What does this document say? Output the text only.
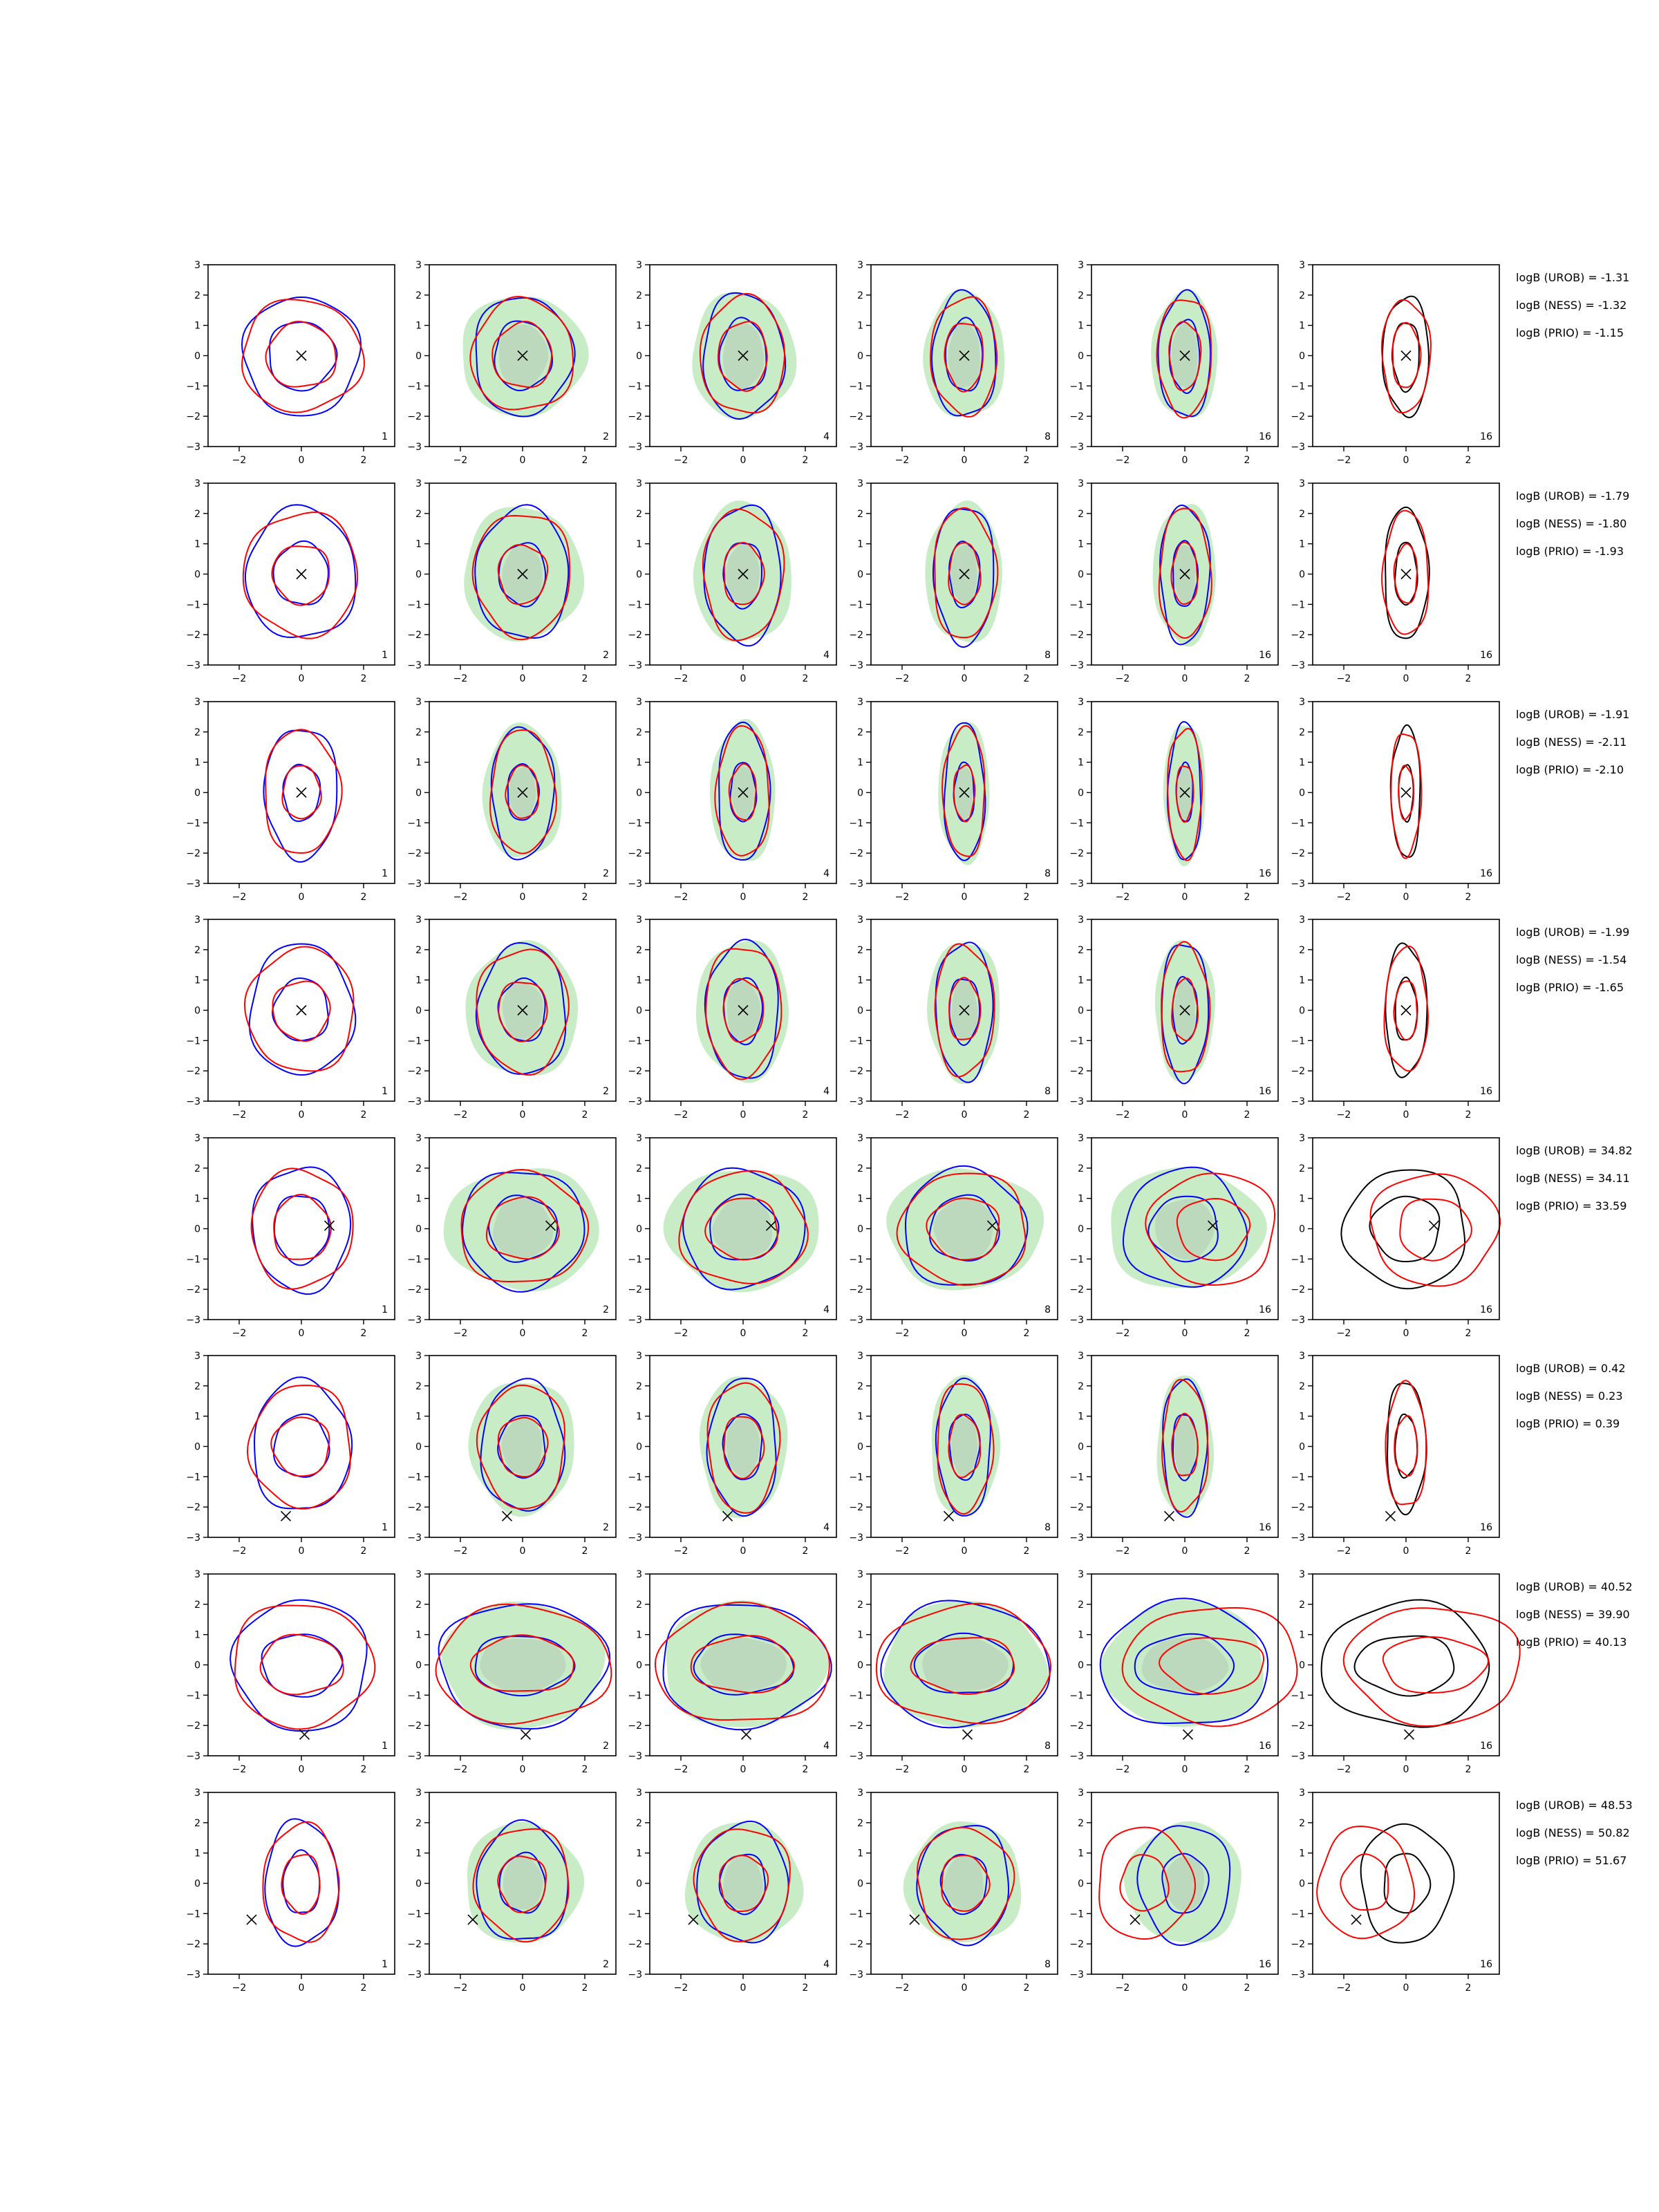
3
2
1
0
−1
−2
−3
−2	0	2
1
3
2
1
0
−1
−2
−3
−2	0	2
2
3
2
1
0
−1
−2
−3
−2	0	2
4
3
2
1
0
−1
−2
−3
−2	0	2
8
3
2
1
0
−1
−2
−3
−2	0	2
16
3
2
1
0
−1
−2
−3
−2	0	2
16
logB (UROB) = -1.31
logB (NESS) = -1.32
logB (PRIO) = -1.15
3
2
1
0
−1
−2
−3
−2	0	2
1
3
2
1
0
−1
−2
−3
−2	0	2
2
3
2
1
0
−1
−2
−3
−2	0	2
4
3
2
1
0
−1
−2
−3
−2	0	2
8
3
2
1
0
−1
−2
−3
−2	0	2
16
3
2
1
0
−1
−2
−3
−2	0	2
16
logB (UROB) = -1.79
logB (NESS) = -1.80
logB (PRIO) = -1.93
3
2
1
0
−1
−2
−3
−2	0	2
1
3
2
1
0
−1
−2
−3
−2	0	2
2
3
2
1
0
−1
−2
−3
−2	0	2
4
3
2
1
0
−1
−2
−3
−2	0	2
8
3
2
1
0
−1
−2
−3
−2	0	2
16
3
2
1
0
−1
−2
−3
−2	0	2
16
logB (UROB) = -1.91
logB (NESS) = -2.11
logB (PRIO) = -2.10
3
2
1
0
−1
−2
−3
−2	0	2
1
3
2
1
0
−1
−2
−3
−2	0	2
2
3
2
1
0
−1
−2
−3
−2	0	2
4
3
2
1
0
−1
−2
−3
−2	0	2
8
3
2
1
0
−1
−2
−3
−2	0	2
16
3
2
1
0
−1
−2
−3
−2	0	2
16
logB (UROB) = -1.99
logB (NESS) = -1.54
logB (PRIO) = -1.65
3
2
1
0
−1
−2
−3
−2	0	2
1
3
2
1
0
−1
−2
−3
−2	0	2
2
3
2
1
0
−1
−2
−3
−2	0	2
4
3
2
1
0
−1
−2
−3
−2	0	2
8
3
2
1
0
−1
−2
−3
−2	0	2
16
3
2
1
0
−1
−2
−3
−2	0	2
16
logB (UROB) = 34.82
logB (NESS) = 34.11
logB (PRIO) = 33.59
3
2
1
0
−1
−2
−3
−2	0	2
1
3
2
1
0
−1
−2
−3
−2	0	2
2
3
2
1
0
−1
−2
−3
−2	0	2
4
3
2
1
0
−1
−2
−3
−2	0	2
8
3
2
1
0
−1
−2
−3
−2	0	2
16
3
2
1
0
−1
−2
−3
−2	0	2
16
logB (UROB) = 0.42
logB (NESS) = 0.23
logB (PRIO) = 0.39
3
2
1
0
−1
−2
−3
−2	0	2
1
3
2
1
0
−1
−2
−3
−2	0	2
2
3
2
1
0
−1
−2
−3
−2	0	2
4
3
2
1
0
−1
−2
−3
−2	0	2
8
3
2
1
0
−1
−2
−3
−2	0	2
16
3
2
1
0
−1
−2
−3
−2	0	2
16
logB (UROB) = 40.52
logB (NESS) = 39.90
logB (PRIO) = 40.13
3
2
1
0
−1
−2
−3
−2	0	2
1
3
2
1
0
−1
−2
−3
−2	0	2
2
3
2
1
0
−1
−2
−3
−2	0	2
4
3
2
1
0
−1
−2
−3
−2	0	2
8
3
2
1
0
−1
−2
−3
−2	0	2
16
3
2
1
0
−1
−2
−3
−2	0	2
16
logB (UROB) = 48.53
logB (NESS) = 50.82
logB (PRIO) = 51.67
